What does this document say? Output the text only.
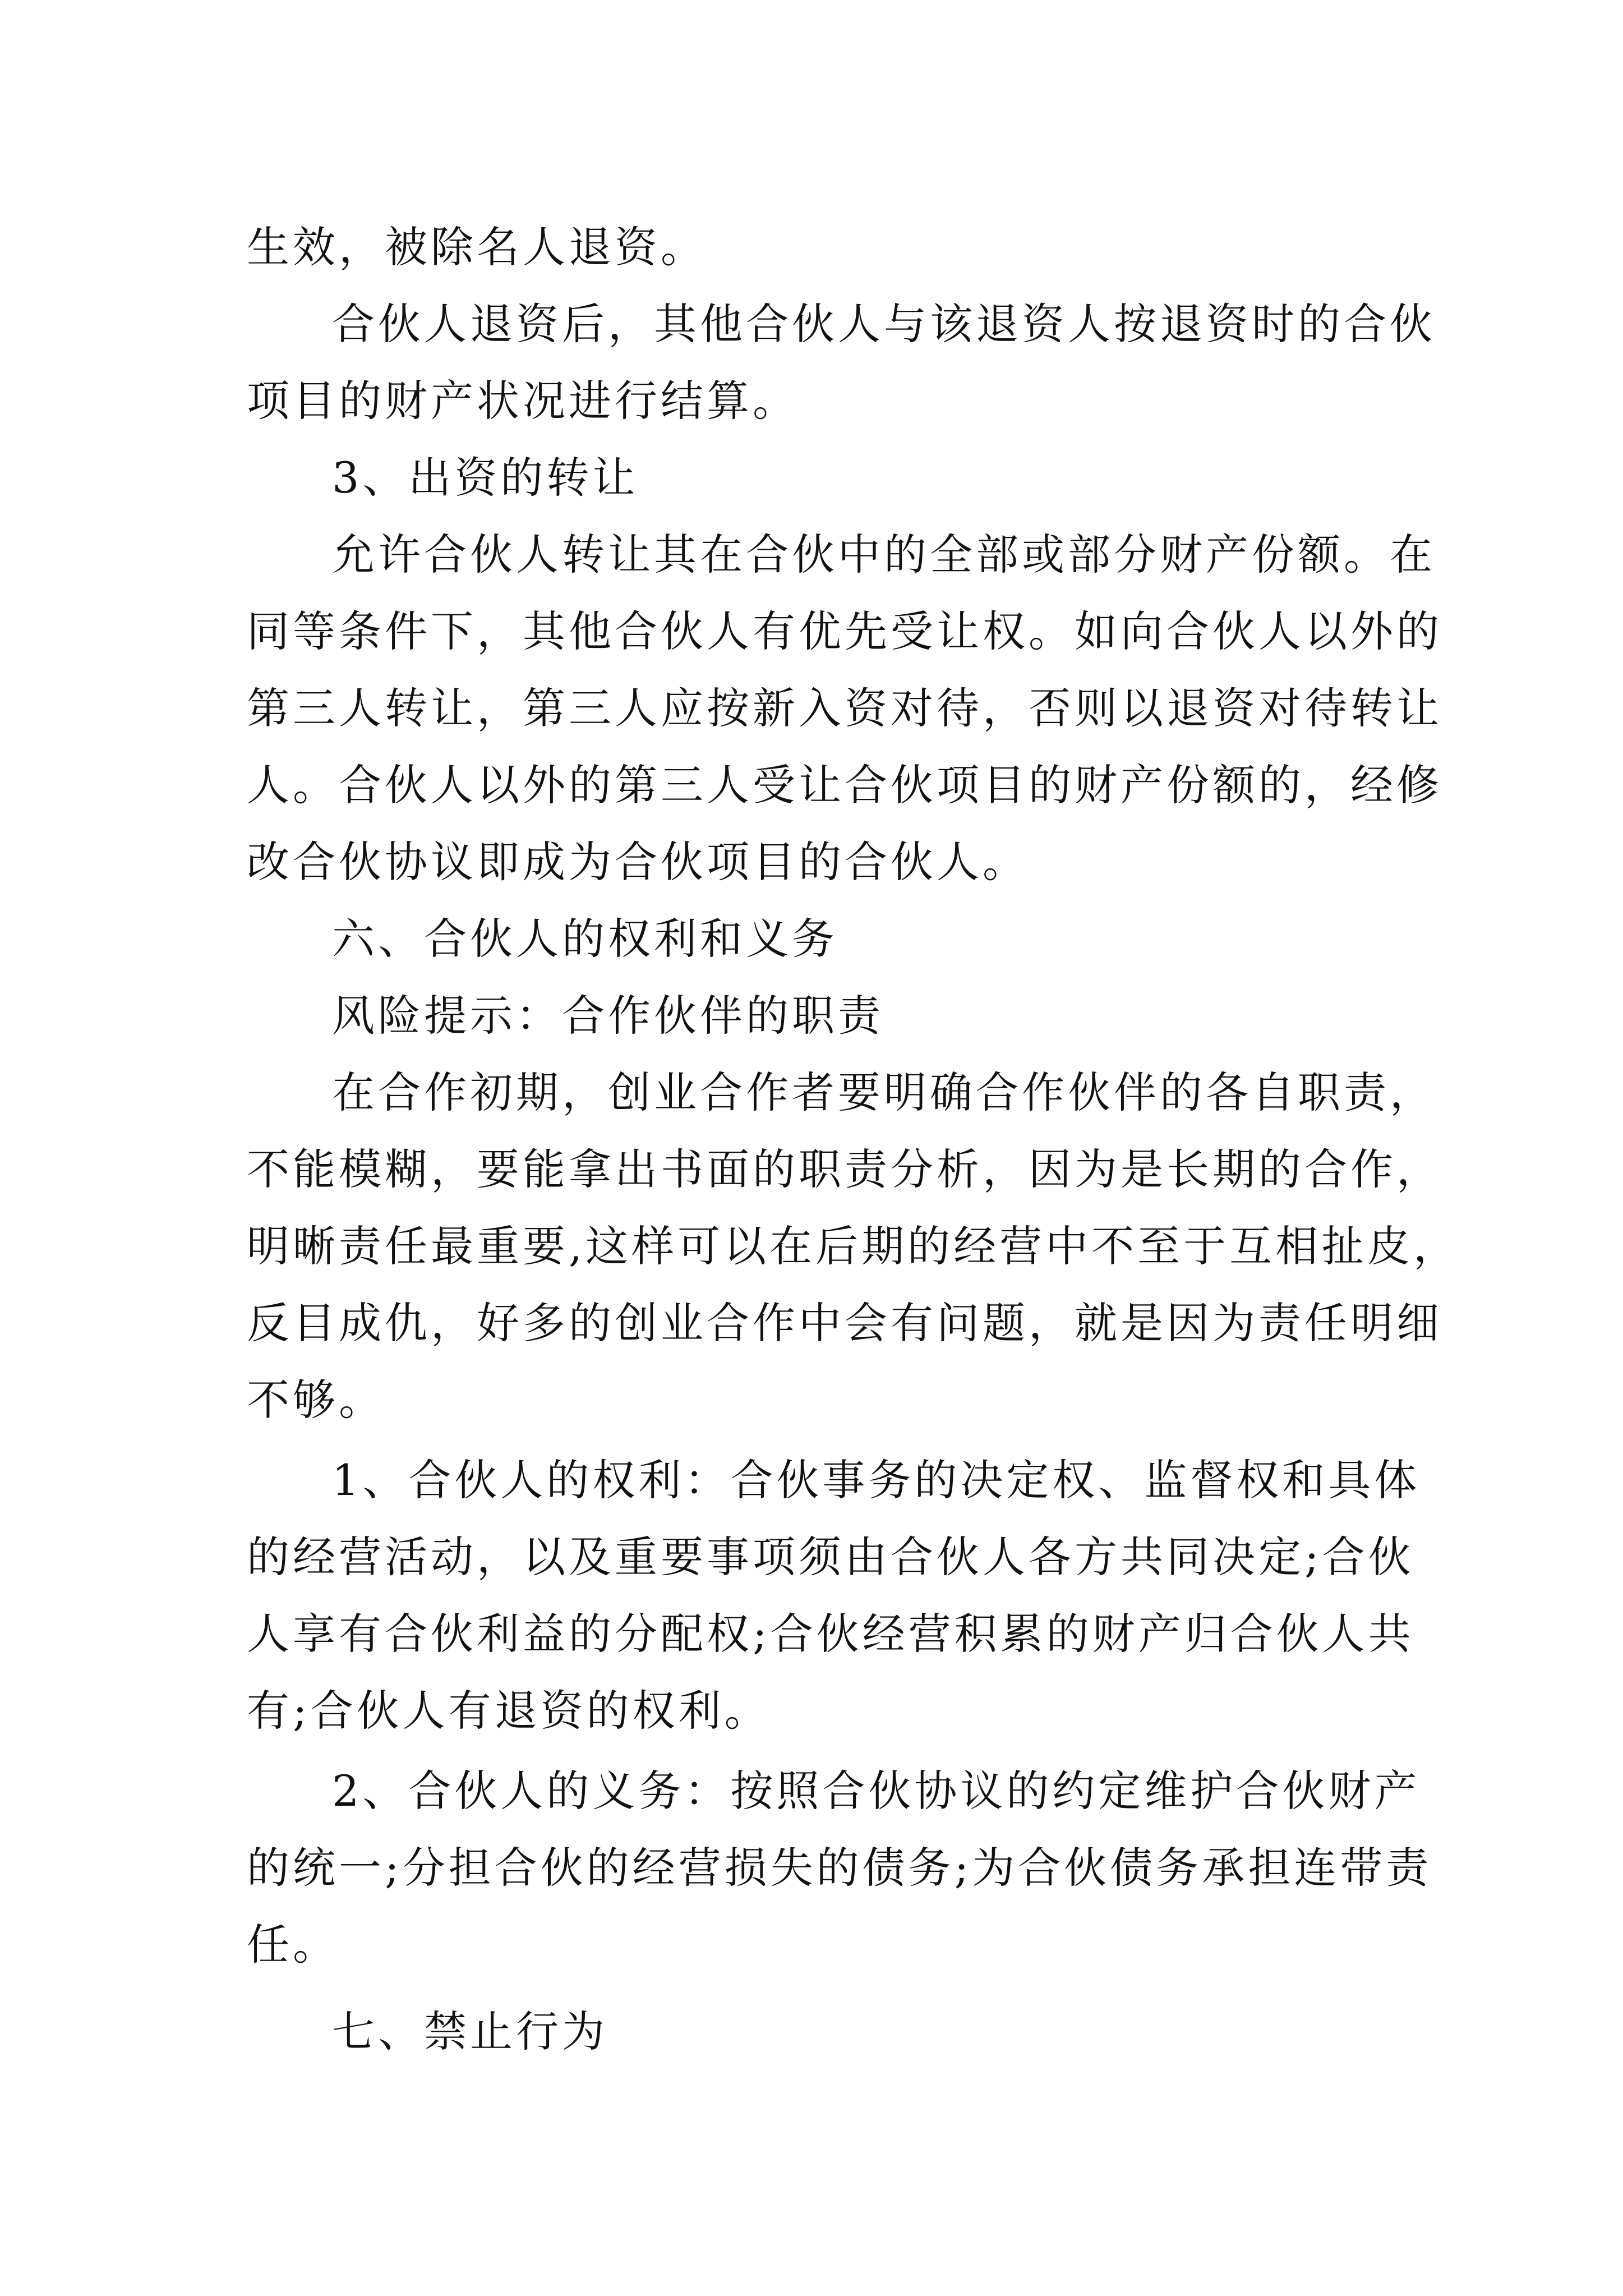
生效，被除名人退资。
合伙人退资后，其他合伙人与该退资人按退资时的合伙
项目的财产状况进行结算。
3、出资的转让
允许合伙人转让其在合伙中的全部或部分财产份额。在
同等条件下，其他合伙人有优先受让权。如向合伙人以外的
第三人转让，第三人应按新入资对待，否则以退资对待转让
人。合伙人以外的第三人受让合伙项目的财产份额的，经修
改合伙协议即成为合伙项目的合伙人。
六、合伙人的权利和义务
风险提示：合作伙伴的职责
在合作初期，创业合作者要明确合作伙伴的各自职责，
不能模糊，要能拿出书面的职责分析，因为是长期的合作，
明晰责任最重要,这样可以在后期的经营中不至于互相扯皮，
反目成仇，好多的创业合作中会有问题，就是因为责任明细
不够。
1、合伙人的权利：合伙事务的决定权、监督权和具体
的经营活动，以及重要事项须由合伙人各方共同决定;合伙
人享有合伙利益的分配权;合伙经营积累的财产归合伙人共
有;合伙人有退资的权利。
2、合伙人的义务：按照合伙协议的约定维护合伙财产
的统一;分担合伙的经营损失的债务;为合伙债务承担连带责
任。
七、禁止行为
